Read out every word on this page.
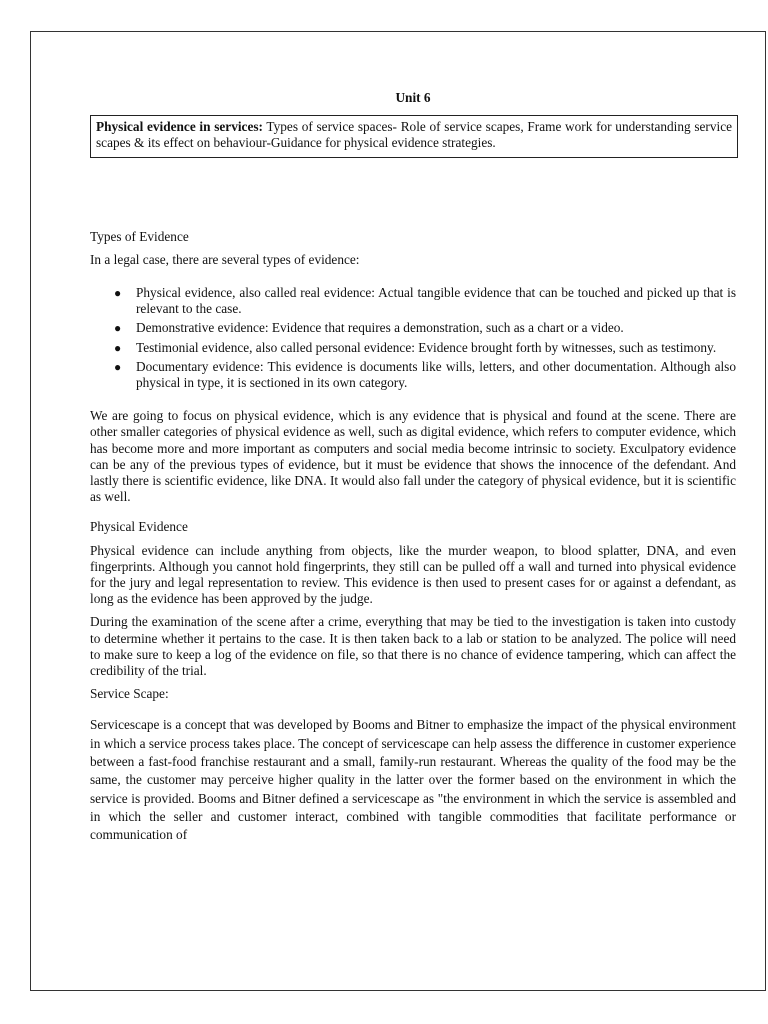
Unit 6
Physical evidence in services: Types of service spaces- Role of service scapes, Frame work for understanding service scapes & its effect on behaviour-Guidance for physical evidence strategies.
Types of Evidence

In a legal case, there are several types of evidence:

● Physical evidence, also called real evidence: Actual tangible evidence that can be touched and picked up that is relevant to the case.
● Demonstrative evidence: Evidence that requires a demonstration, such as a chart or a video.
● Testimonial evidence, also called personal evidence: Evidence brought forth by witnesses, such as testimony.
● Documentary evidence: This evidence is documents like wills, letters, and other documentation. Although also physical in type, it is sectioned in its own category.

We are going to focus on physical evidence, which is any evidence that is physical and found at the scene. There are other smaller categories of physical evidence as well, such as digital evidence, which refers to computer evidence, which has become more and more important as computers and social media become intrinsic to society. Exculpatory evidence can be any of the previous types of evidence, but it must be evidence that shows the innocence of the defendant. And lastly there is scientific evidence, like DNA. It would also fall under the category of physical evidence, but it is scientific as well.

Physical Evidence

Physical evidence can include anything from objects, like the murder weapon, to blood splatter, DNA, and even fingerprints. Although you cannot hold fingerprints, they still can be pulled off a wall and turned into physical evidence for the jury and legal representation to review. This evidence is then used to present cases for or against a defendant, as long as the evidence has been approved by the judge.

During the examination of the scene after a crime, everything that may be tied to the investigation is taken into custody to determine whether it pertains to the case. It is then taken back to a lab or station to be analyzed. The police will need to make sure to keep a log of the evidence on file, so that there is no chance of evidence tampering, which can affect the credibility of the trial.

Service Scape:

Servicescape is a concept that was developed by Booms and Bitner to emphasize the impact of the physical environment in which a service process takes place. The concept of servicescape can help assess the difference in customer experience between a fast-food franchise restaurant and a small, family-run restaurant. Whereas the quality of the food may be the same, the customer may perceive higher quality in the latter over the former based on the environment in which the service is provided. Booms and Bitner defined a servicescape as "the environment in which the service is assembled and in which the seller and customer interact, combined with tangible commodities that facilitate performance or communication of
